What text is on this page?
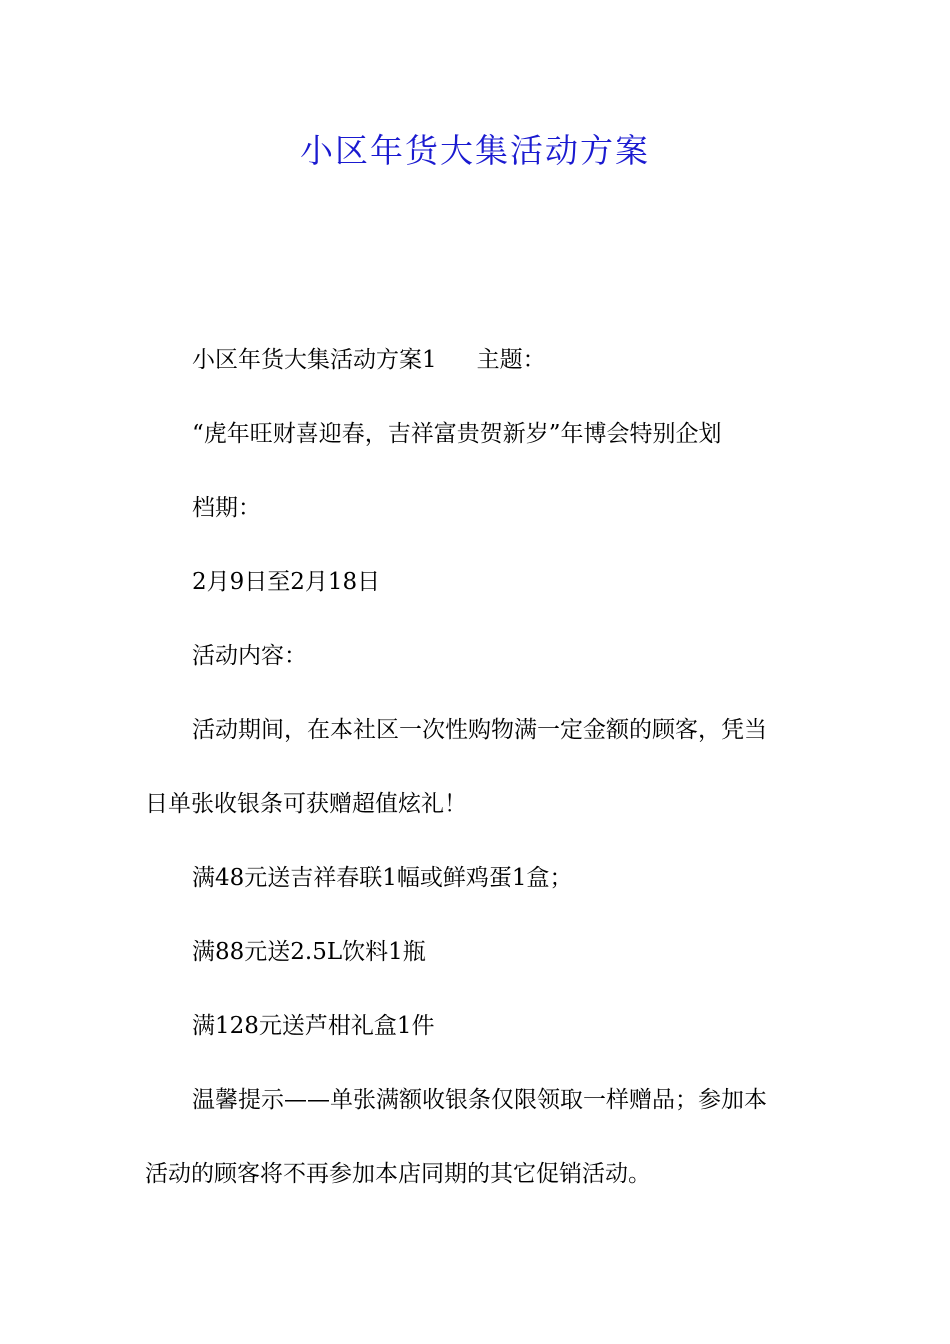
小区年货大集活动方案
小区年货大集活动方案1 主题：
“虎年旺财喜迎春，吉祥富贵贺新岁”年博会特别企划
档期：
2月9日至2月18日
活动内容：
活动期间，在本社区一次性购物满一定金额的顾客，凭当
日单张收银条可获赠超值炫礼！
满48元送吉祥春联1幅或鲜鸡蛋1盒；
满88元送2.5L饮料1瓶
满128元送芦柑礼盒1件
温馨提示——单张满额收银条仅限领取一样赠品；参加本
活动的顾客将不再参加本店同期的其它促销活动。
